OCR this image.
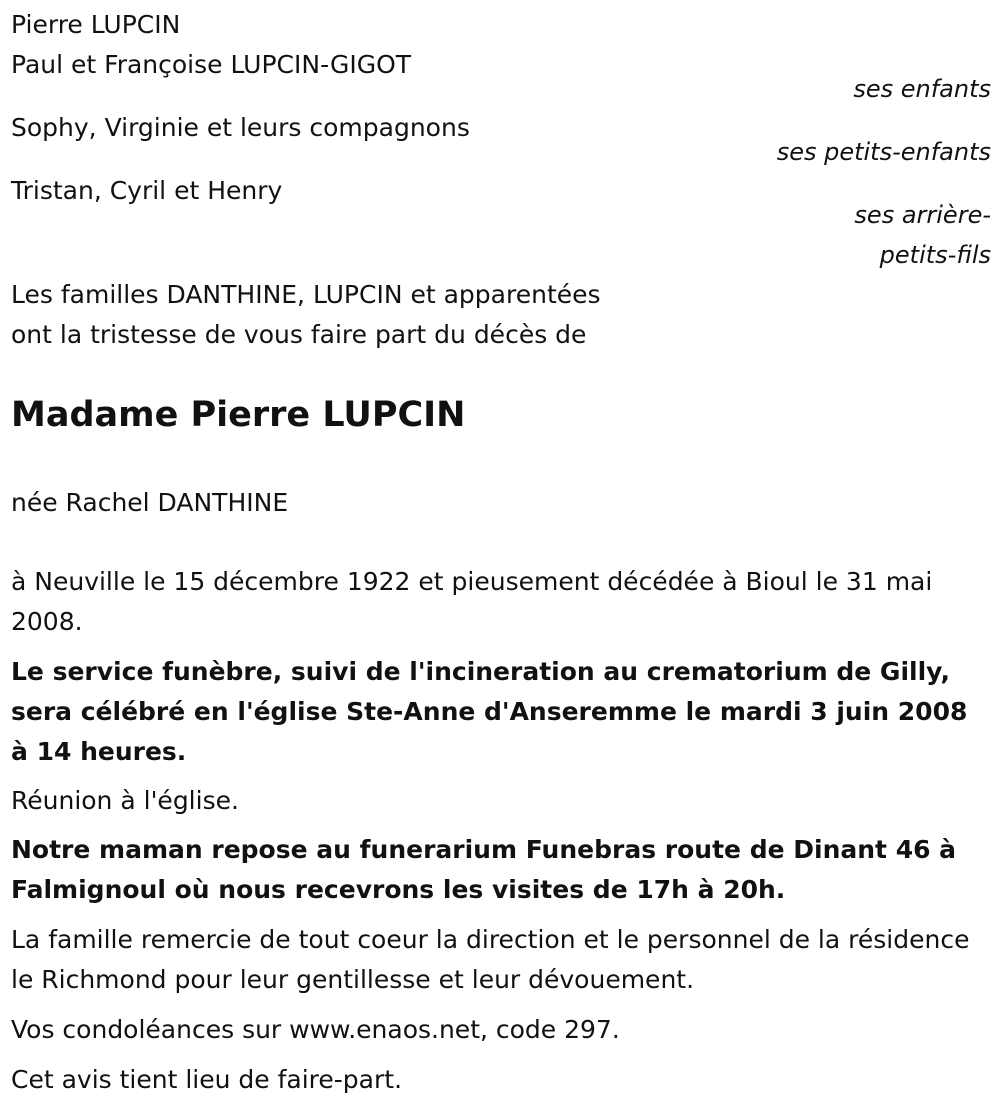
Pierre LUPCIN
Paul et Françoise LUPCIN-GIGOT
ses enfants
Sophy, Virginie et leurs compagnons
ses petits-enfants
Tristan, Cyril et Henry
ses arrière-
petits-fils
Les familles DANTHINE, LUPCIN et apparentées
ont la tristesse de vous faire part du décès de
Madame Pierre LUPCIN
née Rachel DANTHINE
à Neuville le 15 décembre 1922 et pieusement décédée à Bioul le 31 mai 2008.
Le service funèbre, suivi de l'incineration au crematorium de Gilly, sera célébré en l'église Ste-Anne d'Anseremme le mardi 3 juin 2008 à 14 heures.
Réunion à l'église.
Notre maman repose au funerarium Funebras route de Dinant 46 à Falmignoul où nous recevrons les visites de 17h à 20h.
La famille remercie de tout coeur la direction et le personnel de la résidence le Richmond pour leur gentillesse et leur dévouement.
Vos condoléances sur www.enaos.net, code 297.
Cet avis tient lieu de faire-part.
